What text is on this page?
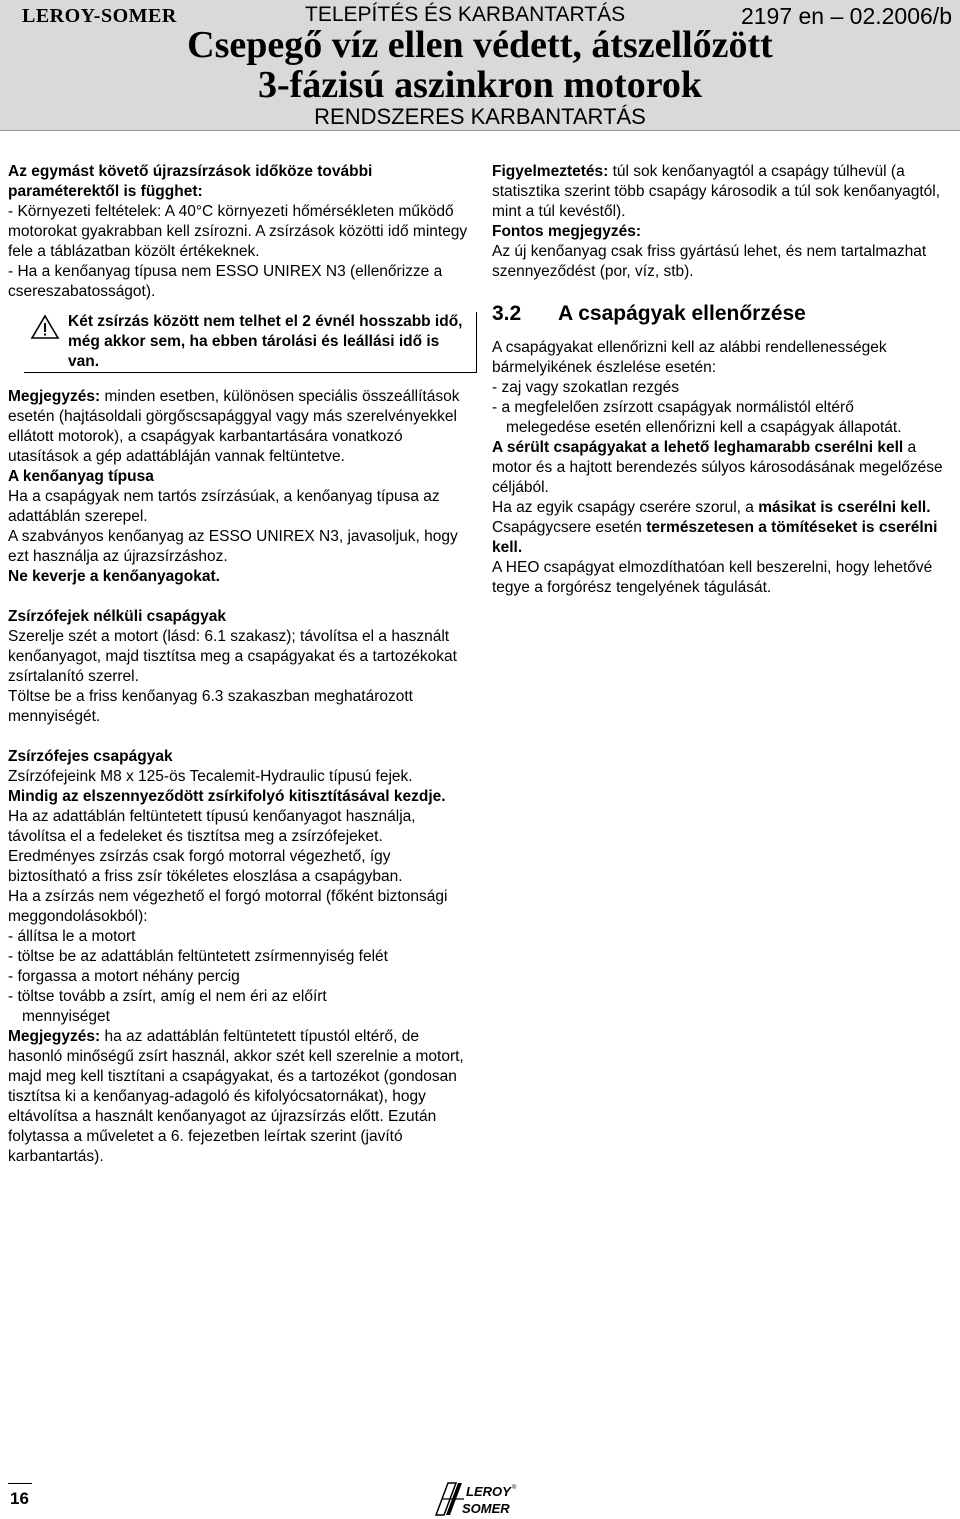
LEROY-SOMER	TELEPÍTÉS ÉS KARBANTARTÁS	2197 en – 02.2006/b
Csepegő víz ellen védett, átszellőzött
3-fázisú aszinkron motorok
RENDSZERES KARBANTARTÁS

Az egymást követő újrazsírzások időköze további paraméterektől is függhet:

- Környezeti feltételek: A 40°C környezeti hőmérsékleten működő motorokat gyakrabban kell zsírozni. A zsírzások közötti idő mintegy fele a táblázatban közölt értékeknek.

- Ha a kenőanyag típusa nem ESSO UNIREX N3 (ellenőrizze a csereszabatosságot).

Két zsírzás között nem telhet el 2 évnél hosszabb idő, még akkor sem, ha ebben tárolási és leállási idő is van.

Megjegyzés: minden esetben, különösen speciális összeállítások esetén (hajtásoldali görgőscsapággyal vagy más szerelvényekkel ellátott motorok), a csapágyak karbantartására vonatkozó utasítások a gép adattábláján vannak feltüntetve.

A kenőanyag típusa

Ha a csapágyak nem tartós zsírzásúak, a kenőanyag típusa az adattáblán szerepel.

A szabványos kenőanyag az ESSO UNIREX N3, javasoljuk, hogy ezt használja az újrazsírzáshoz.

Ne keverje a kenőanyagokat.

Zsírzófejek nélküli csapágyak

Szerelje szét a motort (lásd: 6.1 szakasz); távolítsa el a használt kenőanyagot, majd tisztítsa meg a csapágyakat és a tartozékokat zsírtalanító szerrel.

Töltse be a friss kenőanyag 6.3 szakaszban meghatározott mennyiségét.

Zsírzófejes csapágyak

Zsírzófejeink M8 x 125-ös Tecalemit-Hydraulic típusú fejek.

Mindig az elszennyeződött zsírkifolyó kitisztításával kezdje.

Ha az adattáblán feltüntetett típusú kenőanyagot használja, távolítsa el a fedeleket és tisztítsa meg a zsírzófejeket.

Eredményes zsírzás csak forgó motorral végezhető, így biztosítható a friss zsír tökéletes eloszlása a csapágyban.

Ha a zsírzás nem végezhető el forgó motorral (főként biztonsági meggondolásokból):

- állítsa le a motort

- töltse be az adattáblán feltüntetett zsírmennyiség felét

- forgassa a motort néhány percig

- töltse tovább a zsírt, amíg el nem éri az előírt

mennyiséget

Megjegyzés: ha az adattáblán feltüntetett típustól eltérő, de hasonló minőségű zsírt használ, akkor szét kell szerelnie a motort, majd meg kell tisztítani a csapágyakat, és a tartozékot (gondosan tisztítsa ki a kenőanyag-adagoló és kifolyócsatornákat), hogy eltávolítsa a használt kenőanyagot az újrazsírzás előtt. Ezután folytassa a műveletet a 6. fejezetben leírtak szerint (javító karbantartás).

Figyelmeztetés: túl sok kenőanyagtól a csapágy túlhevül (a statisztika szerint több csapágy károsodik a túl sok kenőanyagtól, mint a túl kevéstől).

Fontos megjegyzés:

Az új kenőanyag csak friss gyártású lehet, és nem tartalmazhat szennyeződést (por, víz, stb).

3.2 A csapágyak ellenőrzése

A csapágyakat ellenőrizni kell az alábbi rendellenességek bármelyikének észlelése esetén:

- zaj vagy szokatlan rezgés

- a megfelelően zsírzott csapágyak normálistól eltérő

melegedése esetén ellenőrizni kell a csapágyak állapotát.

A sérült csapágyakat a lehető leghamarabb cserélni kell a motor és a hajtott berendezés súlyos károsodásának megelőzése céljából.

Ha az egyik csapágy cserére szorul, a másikat is cserélni kell.

Csapágycsere esetén természetesen a tömítéseket is cserélni kell.

A HEO csapágyat elmozdíthatóan kell beszerelni, hogy lehetővé tegye a forgórész tengelyének tágulását.

16	LEROY
SOMER
®
